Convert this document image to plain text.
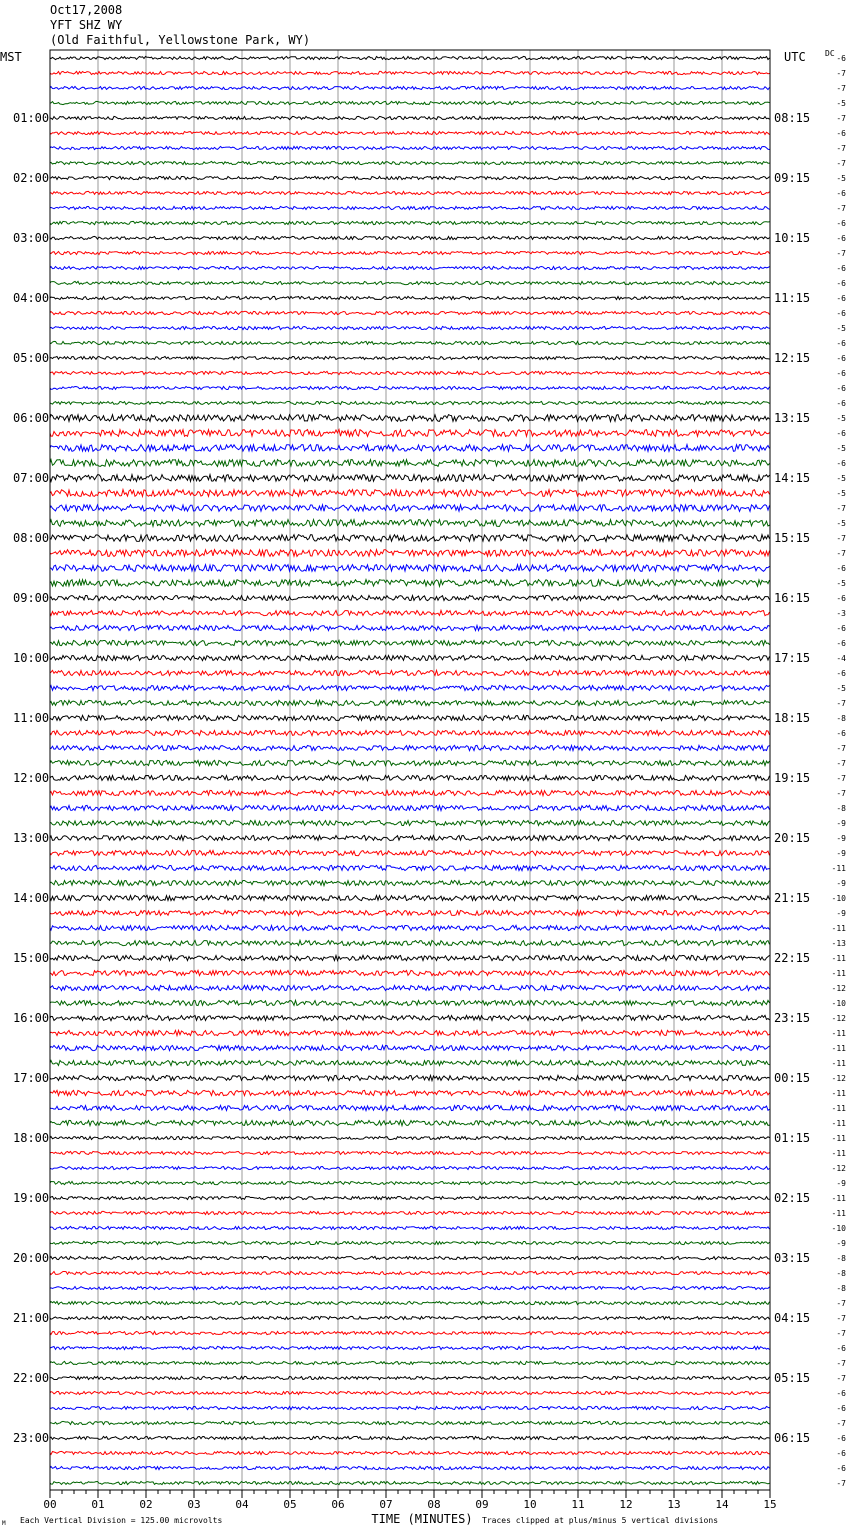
Oct17,2008
YFT SHZ WY
(Old Faithful, Yellowstone Park, WY)
00	01	02	03	04	05	06	07	08	09	10	11	12	13	14	15
01:00
02:00
03:00
04:00
05:00
06:00
07:00
08:00
09:00
10:00
11:00
12:00
13:00
14:00
15:00
16:00
17:00
18:00
19:00
20:00
21:00
22:00
23:00
08:15
09:15
10:15
11:15
12:15
13:15
14:15
15:15
16:15
17:15
18:15
19:15
20:15
21:15
22:15
23:15
00:15
01:15
02:15
03:15
04:15
05:15
06:15
-6
-7
-7
-5
-7
-6
-7
-7
-5
-6
-7
-6
-6
-7
-6
-6
-6
-6
-5
-6
-6
-6
-6
-6
-5
-6
-5
-6
-5
-5
-7
-5
-7
-7
-6
-5
-6
-3
-6
-6
-4
-6
-5
-7
-8
-6
-7
-7
-7
-7
-8
-9
-9
-9
-11
-9
-10
-9
-11
-13
-11
-11
-12
-10
-12
-11
-11
-11
-12
-11
-11
-11
-11
-11
-12
-9
-11
-11
-10
-9
-8
-8
-8
-7
-7
-7
-6
-7
-7
-6
-6
-7
-6
-6
-6
-7
MST	UTC DC
TIME (MINUTES)
M Each Vertical Division = 125.00 microvolts	Traces clipped at plus/minus 5 vertical divisions
